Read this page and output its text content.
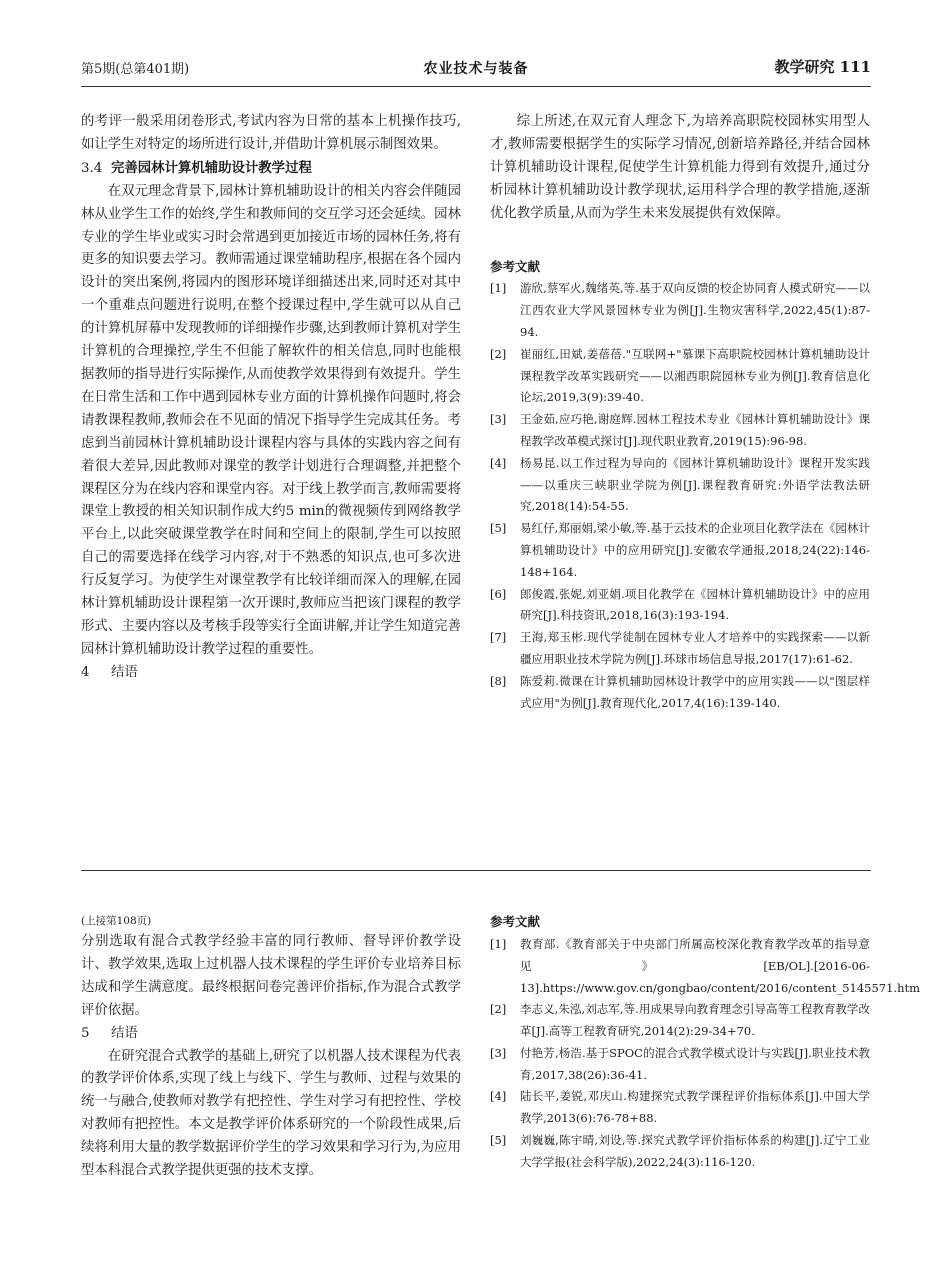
第5期(总第401期)	农业技术与装备	教学研究 111

的考评一般采用闭卷形式,考试内容为日常的基本上机操作技巧,如让学生对特定的场所进行设计,并借助计算机展示制图效果。

3.4 完善园林计算机辅助设计教学过程

在双元理念背景下,园林计算机辅助设计的相关内容会伴随园林从业学生工作的始终,学生和教师间的交互学习还会延续。园林专业的学生毕业或实习时会常遇到更加接近市场的园林任务,将有更多的知识要去学习。教师需通过课堂辅助程序,根据在各个园内设计的突出案例,将园内的图形环境详细描述出来,同时还对其中一个重难点问题进行说明,在整个授课过程中,学生就可以从自己的计算机屏幕中发现教师的详细操作步骤,达到教师计算机对学生计算机的合理操控,学生不但能了解软件的相关信息,同时也能根据教师的指导进行实际操作,从而使教学效果得到有效提升。学生在日常生活和工作中遇到园林专业方面的计算机操作问题时,将会请教课程教师,教师会在不见面的情况下指导学生完成其任务。考虑到当前园林计算机辅助设计课程内容与具体的实践内容之间有着很大差异,因此教师对课堂的教学计划进行合理调整,并把整个课程区分为在线内容和课堂内容。对于线上教学而言,教师需要将课堂上教授的相关知识制作成大约5 min的微视频传到网络教学平台上,以此突破课堂教学在时间和空间上的限制,学生可以按照自己的需要选择在线学习内容,对于不熟悉的知识点,也可多次进行反复学习。为使学生对课堂教学有比较详细而深入的理解,在园林计算机辅助设计课程第一次开课时,教师应当把该门课程的教学形式、主要内容以及考核手段等实行全面讲解,并让学生知道完善园林计算机辅助设计教学过程的重要性。

4 结语

综上所述,在双元育人理念下,为培养高职院校园林实用型人才,教师需要根据学生的实际学习情况,创新培养路径,并结合园林计算机辅助设计课程,促使学生计算机能力得到有效提升,通过分析园林计算机辅助设计教学现状,运用科学合理的教学措施,逐渐优化教学质量,从而为学生未来发展提供有效保障。

参考文献

[1] 游欣,蔡军火,魏绪英,等.基于双向反馈的校企协同育人模式研究——以江西农业大学风景园林专业为例[J].生物灾害科学,2022,45(1):87-94.

[2] 崔丽红,田斌,姜蓓蓓."互联网+"慕课下高职院校园林计算机辅助设计课程教学改革实践研究——以湘西职院园林专业为例[J].教育信息化论坛,2019,3(9):39-40.

[3] 王金茹,应巧艳,谢庭辉.园林工程技术专业《园林计算机辅助设计》课程教学改革模式探讨[J].现代职业教育,2019(15):96-98.

[4] 杨易昆.以工作过程为导向的《园林计算机辅助设计》课程开发实践——以重庆三峡职业学院为例[J].课程教育研究:外语学法教法研究,2018(14):54-55.

[5] 易红仔,郑丽娟,梁小敏,等.基于云技术的企业项目化教学法在《园林计算机辅助设计》中的应用研究[J].安徽农学通报,2018,24(22):146-148+164.

[6] 郎俊霞,张妮,刘亚娟.项目化教学在《园林计算机辅助设计》中的应用研究[J].科技资讯,2018,16(3):193-194.

[7] 王海,郑玉彬.现代学徒制在园林专业人才培养中的实践探索——以新疆应用职业技术学院为例[J].环球市场信息导报,2017(17):61-62.

[8] 陈爱莉.微课在计算机辅助园林设计教学中的应用实践——以"图层样式应用"为例[J].教育现代化,2017,4(16):139-140.

(上接第108页)

分别选取有混合式教学经验丰富的同行教师、督导评价教学设计、教学效果,选取上过机器人技术课程的学生评价专业培养目标达成和学生满意度。最终根据问卷完善评价指标,作为混合式教学评价依据。

5 结语

在研究混合式教学的基础上,研究了以机器人技术课程为代表的教学评价体系,实现了线上与线下、学生与教师、过程与效果的统一与融合,使教师对教学有把控性、学生对学习有把控性、学校对教师有把控性。本文是教学评价体系研究的一个阶段性成果,后续将利用大量的教学数据评价学生的学习效果和学习行为,为应用型本科混合式教学提供更强的技术支撑。

参考文献

[1] 教育部.《教育部关于中央部门所属高校深化教育教学改革的指导意见》[EB/OL].[2016-06-13].https://www.gov.cn/gongbao/content/2016/content_5145571.htm

[2] 李志义,朱泓,刘志军,等.用成果导向教育理念引导高等工程教育教学改革[J].高等工程教育研究,2014(2):29-34+70.

[3] 付艳芳,杨浩.基于SPOC的混合式教学模式设计与实践[J].职业技术教育,2017,38(26):36-41.

[4] 陆长平,姜锐,邓庆山.构建探究式教学课程评价指标体系[J].中国大学教学,2013(6):76-78+88.

[5] 刘巍巍,陈宇晴,刘设,等.探究式教学评价指标体系的构建[J].辽宁工业大学学报(社会科学版),2022,24(3):116-120.
